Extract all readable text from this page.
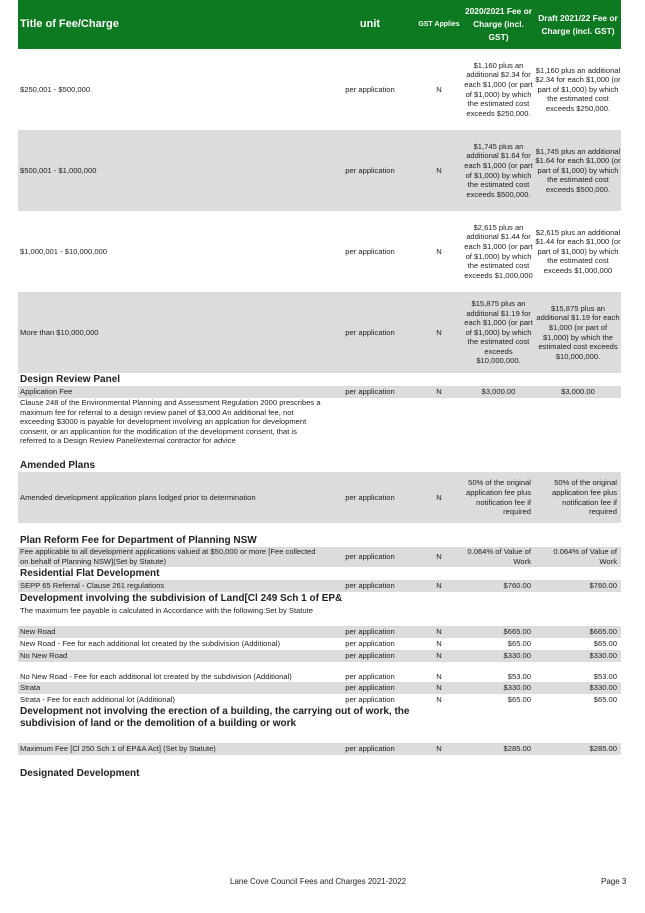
Title of Fee/Charge	unit	GST Applies	2020/2021 Fee or Charge (incl. GST)	Draft 2021/22 Fee or Charge (incl. GST)
$250,001 - $500,000	per application	N	$1,160 plus an additional $2.34 for each $1,000 (or part of $1,000) by which the estimated cost exceeds $250,000.	$1,160 plus an additional $2.34 for each $1,000 (or part of $1,000) by which the estimated cost exceeds $250,000.
$500,001 - $1,000,000	per application	N	$1,745 plus an additional $1.64 for each $1,000 (or part of $1,000) by which the estimated cost exceeds $500,000.	$1,745 plus an additional $1.64 for each $1,000 (or part of $1,000) by which the estimated cost exceeds $500,000.
$1,000,001 - $10,000,000	per application	N	$2,615 plus an additional $1.44 for each $1,000 (or part of $1,000) by which the estimated cost exceeds $1,000,000	$2,615 plus an additional $1.44 for each $1,000 (or part of $1,000) by which the estimated cost exceeds $1,000,000
More than $10,000,000	per application	N	$15,875 plus an additional $1.19 for each $1,000 (or part of $1,000) by which the estimated cost exceeds $10,000,000.	$15,875 plus an additional $1.19 for each $1,000 (or part of $1,000) by which the estimated cost exceeds $10,000,000.
Design Review Panel				
Application Fee	per application	N	$3,000.00	$3,000.00
Clause 248 of the Environmental Planning and Assessment Regulation 2000 prescribes a maximum fee for referral to a design review panel of $3,000 An additional fee, not exceeding $3000 is payable for development involving an applcation for development consent, or an applicantion for the modification of the development consent, that is referred to a Design Review Panel/external contractor for advice				
Amended Plans				
Amended development application plans lodged prior to determination	per application	N	50% of the original application fee plus notification fee if required	50% of the original application fee plus notification fee if required

Plan Reform Fee for Department of Planning NSW				
Fee applicable to all development applications valued at $50,000 or more [Fee collected on behalf of Planning NSW](Set by Statute)	per application	N	0.064% of Value of Work	0.064% of Value of Work
Residential Flat Development				
SEPP 65 Referral - Clause 261 regulations	per application	N	$760.00	$760.00
Development involving the subdivision of Land[Cl 249 Sch 1 of EP&				
The maximum fee payable is calculated in Accordance with the following:Set by Statute				
New Road	per application	N	$665.00	$665.00
New Road - Fee for each additional lot created by the subdivision (Additional)	per application	N	$65.00	$65.00
No New Road	per application	N	$330.00	$330.00
No New Road - Fee for each additional lot created by the subdivision (Additional)	per application	N	$53.00	$53.00
Strata	per application	N	$330.00	$330.00
Strata - Fee for each additional lot (Additional)	per application	N	$65.00	$65.00
Development not involving the erection of a building, the carrying out of work, the subdivision of land or the demolition of a building or work				
Maximum Fee [Cl 250 Sch 1 of EP&A Act] (Set by Statute)	per application	N	$285.00	$285.00

Designated Development				
Lane Cove Council Fees and Charges 2021-2022	Page 3
